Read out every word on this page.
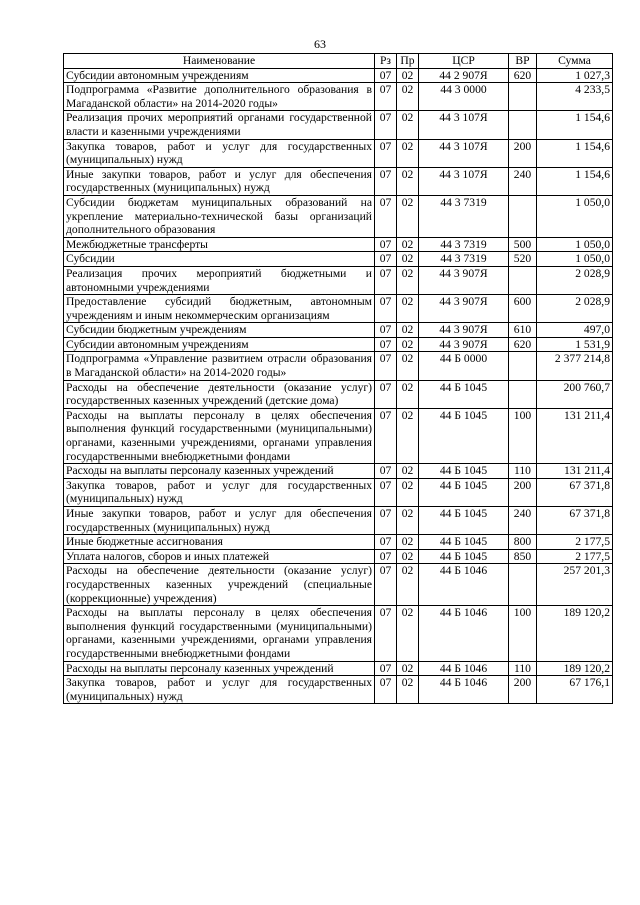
63
Наименование	Рз	Пр	ЦСР	ВР	Сумма
Субсидии автономным учреждениям	07	02	44 2 907Я	620	1 027,3
Подпрограмма «Развитие дополнительного образования в Магаданской области» на 2014-2020 годы»	07	02	44 3 0000		4 233,5
Реализация прочих мероприятий органами государственной власти и казенными учреждениями	07	02	44 3 107Я		1 154,6
Закупка товаров, работ и услуг для государственных (муниципальных) нужд	07	02	44 3 107Я	200	1 154,6
Иные закупки товаров, работ и услуг для обеспечения государственных (муниципальных) нужд	07	02	44 3 107Я	240	1 154,6
Субсидии бюджетам муниципальных образований на укрепление материально-технической базы организаций дополнительного образования	07	02	44 3 7319		1 050,0
Межбюджетные трансферты	07	02	44 3 7319	500	1 050,0
Субсидии	07	02	44 3 7319	520	1 050,0
Реализация прочих мероприятий бюджетными и автономными учреждениями	07	02	44 3 907Я		2 028,9
Предоставление субсидий бюджетным, автономным учреждениям и иным некоммерческим организациям	07	02	44 3 907Я	600	2 028,9
Субсидии бюджетным учреждениям	07	02	44 3 907Я	610	497,0
Субсидии автономным учреждениям	07	02	44 3 907Я	620	1 531,9
Подпрограмма «Управление развитием отрасли образования в Магаданской области» на 2014-2020 годы»	07	02	44 Б 0000		2 377 214,8
Расходы на обеспечение деятельности (оказание услуг) государственных казенных учреждений (детские дома)	07	02	44 Б 1045		200 760,7
Расходы на выплаты персоналу в целях обеспечения выполнения функций государственными (муниципальными) органами, казенными учреждениями, органами управления государственными внебюджетными фондами	07	02	44 Б 1045	100	131 211,4
Расходы на выплаты персоналу казенных учреждений	07	02	44 Б 1045	110	131 211,4
Закупка товаров, работ и услуг для государственных (муниципальных) нужд	07	02	44 Б 1045	200	67 371,8
Иные закупки товаров, работ и услуг для обеспечения государственных (муниципальных) нужд	07	02	44 Б 1045	240	67 371,8
Иные бюджетные ассигнования	07	02	44 Б 1045	800	2 177,5
Уплата налогов, сборов и иных платежей	07	02	44 Б 1045	850	2 177,5
Расходы на обеспечение деятельности (оказание услуг) государственных казенных учреждений (специальные (коррекционные) учреждения)	07	02	44 Б 1046		257 201,3
Расходы на выплаты персоналу в целях обеспечения выполнения функций государственными (муниципальными) органами, казенными учреждениями, органами управления государственными внебюджетными фондами	07	02	44 Б 1046	100	189 120,2
Расходы на выплаты персоналу казенных учреждений	07	02	44 Б 1046	110	189 120,2
Закупка товаров, работ и услуг для государственных (муниципальных) нужд	07	02	44 Б 1046	200	67 176,1
